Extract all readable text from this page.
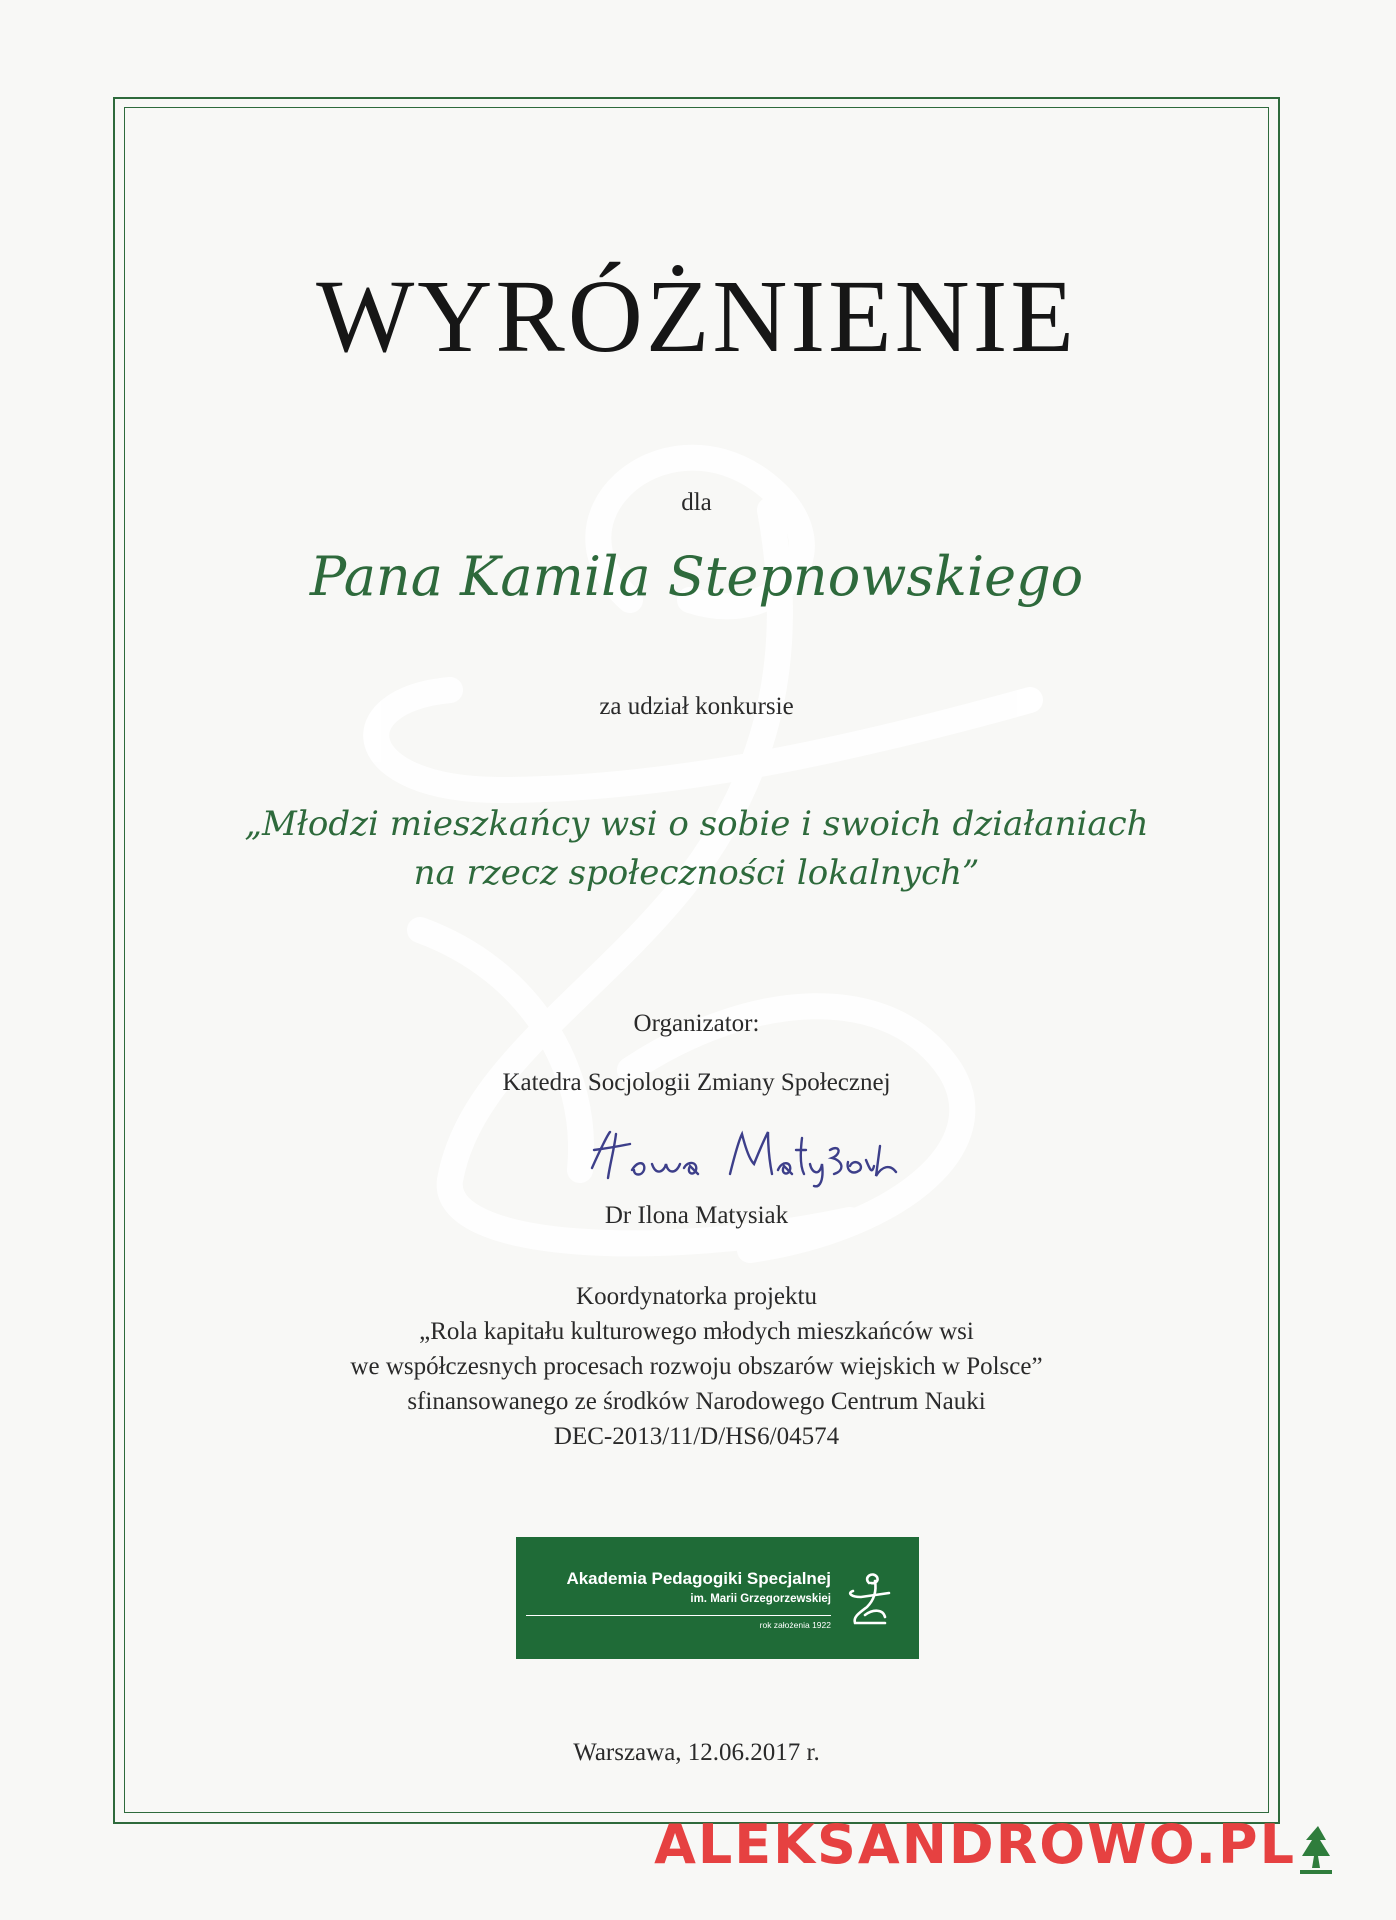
WYRÓŻNIENIE
dla
Pana Kamila Stepnowskiego
za udział konkursie
„Młodzi mieszkańcy wsi o sobie i swoich działaniach
na rzecz społeczności lokalnych”
Organizator:
Katedra Socjologii Zmiany Społecznej
Dr Ilona Matysiak
Koordynatorka projektu
„Rola kapitału kulturowego młodych mieszkańców wsi
we współczesnych procesach rozwoju obszarów wiejskich w Polsce”
sfinansowanego ze środków Narodowego Centrum Nauki
DEC-2013/11/D/HS6/04574
Akademia Pedagogiki Specjalnej
im. Marii Grzegorzewskiej
rok założenia 1922
Warszawa, 12.06.2017 r.
ALEKSANDROWO.PL
